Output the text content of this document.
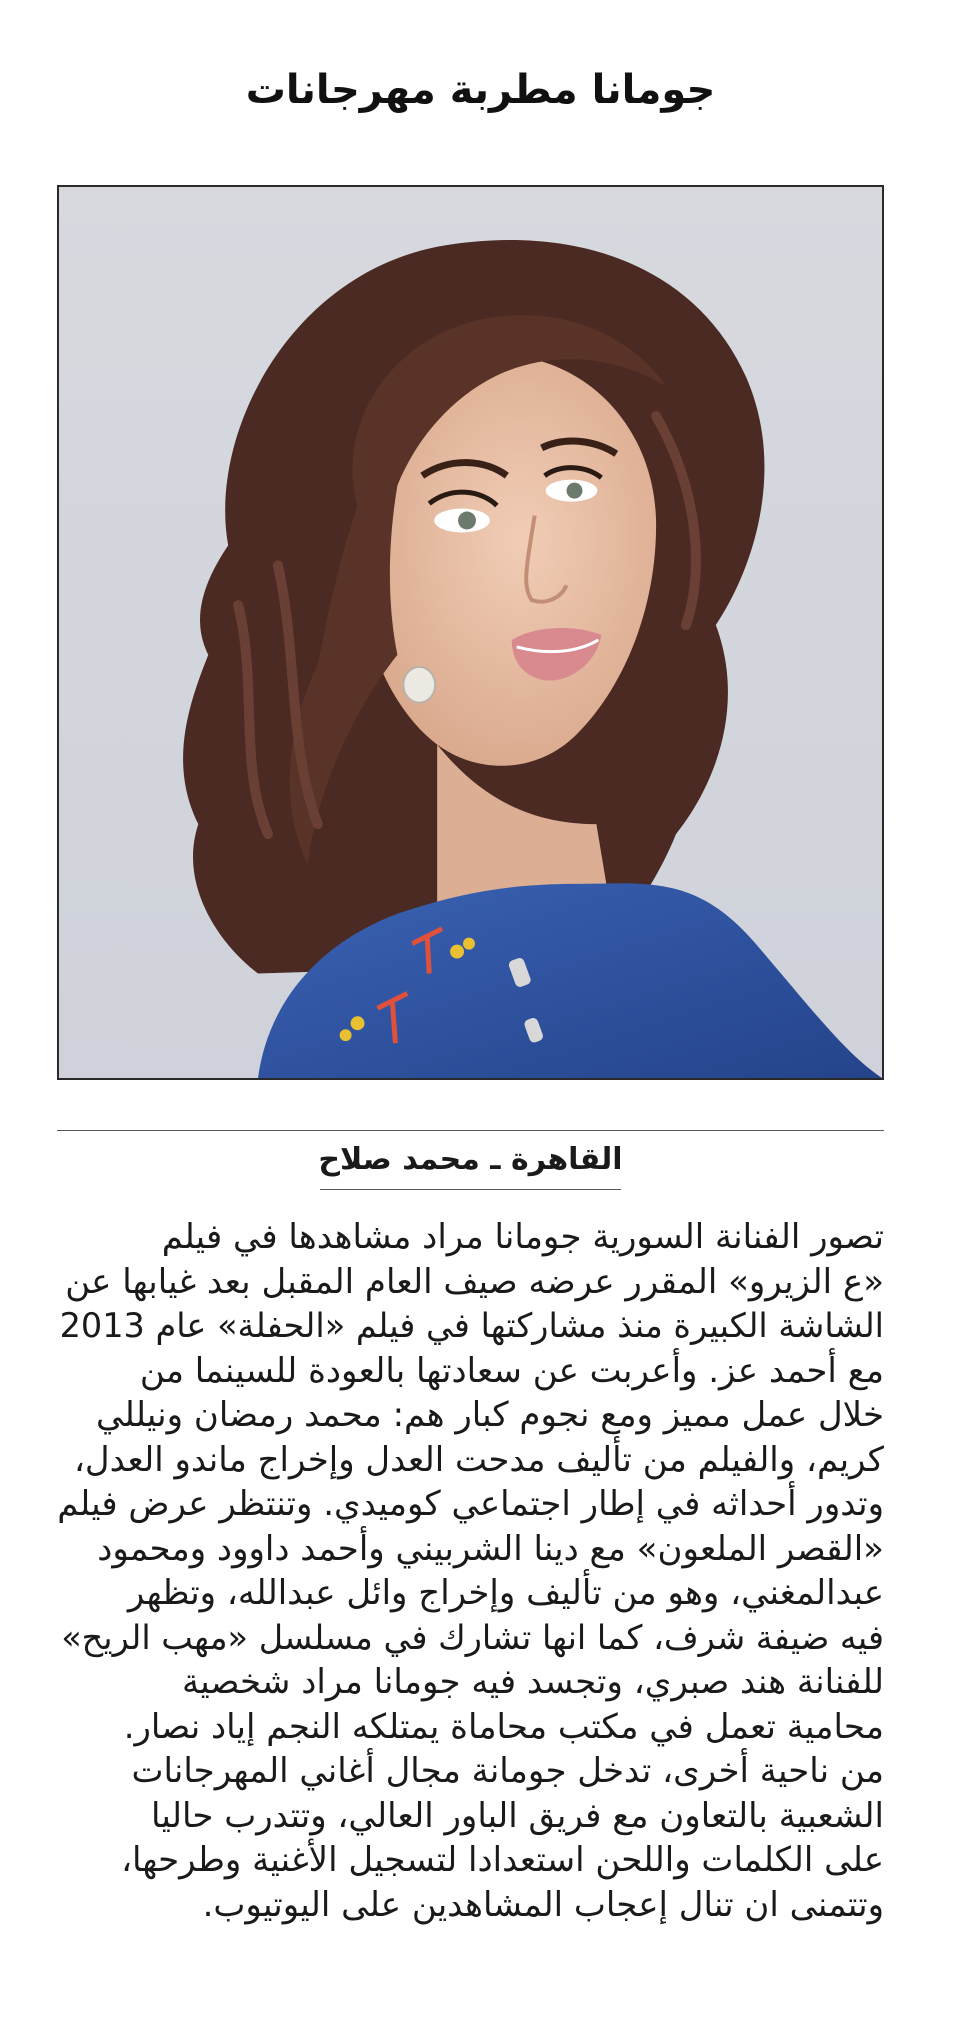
جومانا مطربة مهرجانات
القاهرة ـ محمد صلاح
تصور الفنانة السورية جومانا مراد مشاهدها في فيلم
«ع الزيرو» المقرر عرضه صيف العام المقبل بعد غيابها عن
الشاشة الكبيرة منذ مشاركتها في فيلم «الحفلة» عام 2013
مع أحمد عز. وأعربت عن سعادتها بالعودة للسينما من
خلال عمل مميز ومع نجوم كبار هم: محمد رمضان ونيللي
كريم، والفيلم من تأليف مدحت العدل وإخراج ماندو العدل،
وتدور أحداثه في إطار اجتماعي كوميدي. وتنتظر عرض فيلم
«القصر الملعون» مع دينا الشربيني وأحمد داوود ومحمود
عبدالمغني، وهو من تأليف وإخراج وائل عبدالله، وتظهر
فيه ضيفة شرف، كما انها تشارك في مسلسل «مهب الريح»
للفنانة هند صبري، وتجسد فيه جومانا مراد شخصية
محامية تعمل في مكتب محاماة يمتلكه النجم إياد نصار.
من ناحية أخرى، تدخل جومانة مجال أغاني المهرجانات
الشعبية بالتعاون مع فريق الباور العالي، وتتدرب حاليا
على الكلمات واللحن استعدادا لتسجيل الأغنية وطرحها،
وتتمنى ان تنال إعجاب المشاهدين على اليوتيوب.
